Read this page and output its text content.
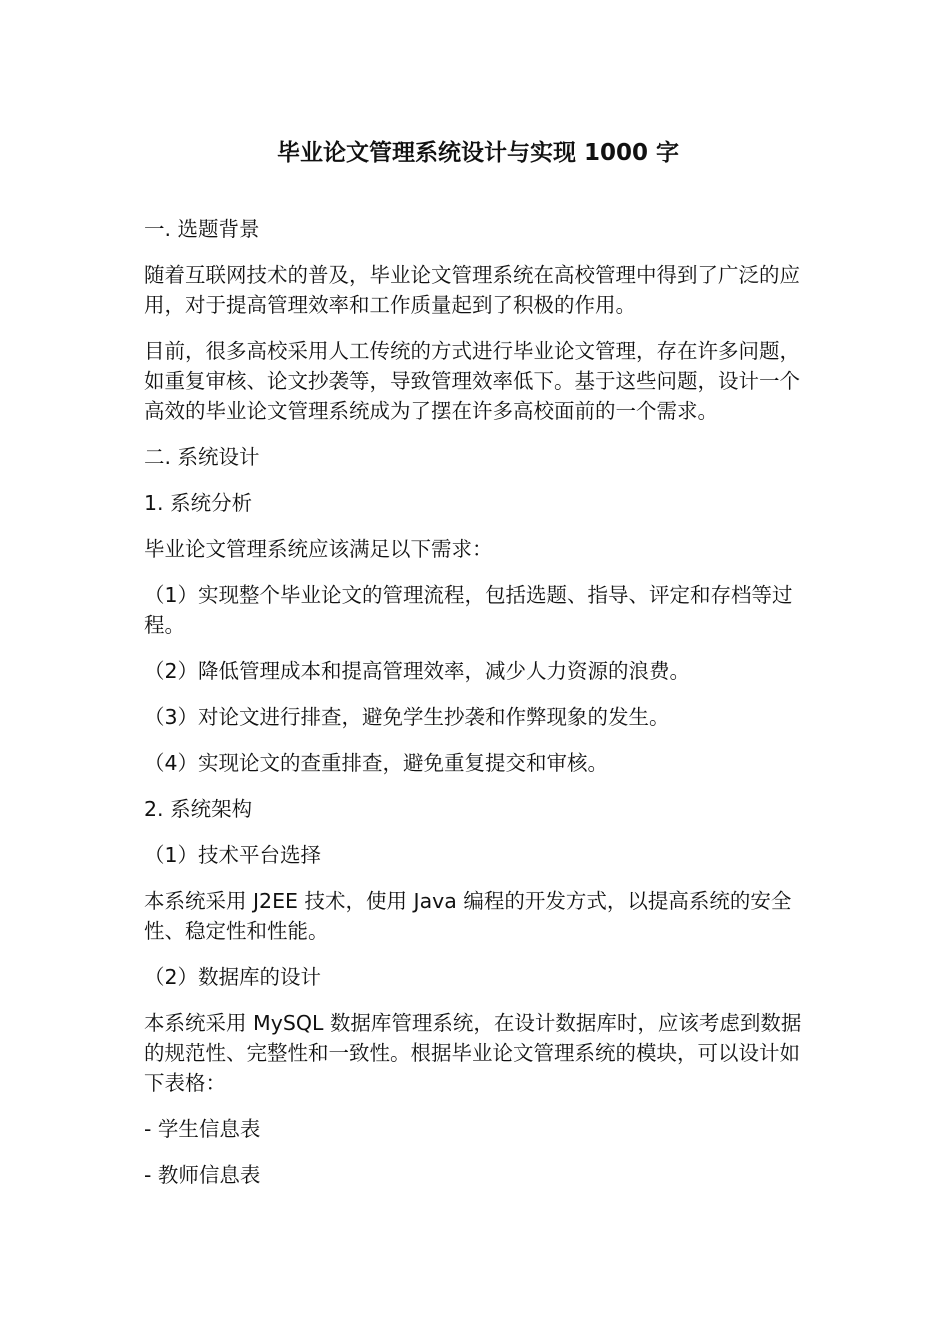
毕业论文管理系统设计与实现 1000 字

一. 选题背景

随着互联网技术的普及，毕业论文管理系统在高校管理中得到了广泛的应用，对于提高管理效率和工作质量起到了积极的作用。

目前，很多高校采用人工传统的方式进行毕业论文管理，存在许多问题，如重复审核、论文抄袭等，导致管理效率低下。基于这些问题，设计一个高效的毕业论文管理系统成为了摆在许多高校面前的一个需求。

二. 系统设计

1. 系统分析

毕业论文管理系统应该满足以下需求：

（1）实现整个毕业论文的管理流程，包括选题、指导、评定和存档等过程。

（2）降低管理成本和提高管理效率，减少人力资源的浪费。

（3）对论文进行排查，避免学生抄袭和作弊现象的发生。

（4）实现论文的查重排查，避免重复提交和审核。

2. 系统架构

（1）技术平台选择

本系统采用 J2EE 技术，使用 Java 编程的开发方式，以提高系统的安全性、稳定性和性能。

（2）数据库的设计

本系统采用 MySQL 数据库管理系统，在设计数据库时，应该考虑到数据的规范性、完整性和一致性。根据毕业论文管理系统的模块，可以设计如下表格：

- 学生信息表

- 教师信息表
